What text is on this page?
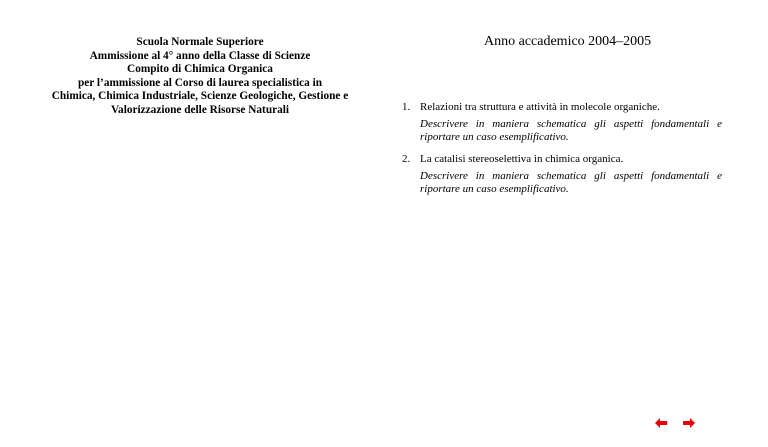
Scuola Normale Superiore
Ammissione al 4° anno della Classe di Scienze
Compito di Chimica Organica
per l’ammissione al Corso di laurea specialistica in
Chimica, Chimica Industriale, Scienze Geologiche, Gestione e
Valorizzazione delle Risorse Naturali
Anno accademico 2004–2005
1. Relazioni tra struttura e attività in molecole organiche.
Descrivere in maniera schematica gli aspetti fondamentali e riportare un caso esemplificativo.
2. La catalisi stereoselettiva in chimica organica.
Descrivere in maniera schematica gli aspetti fondamentali e riportare un caso esemplificativo.
